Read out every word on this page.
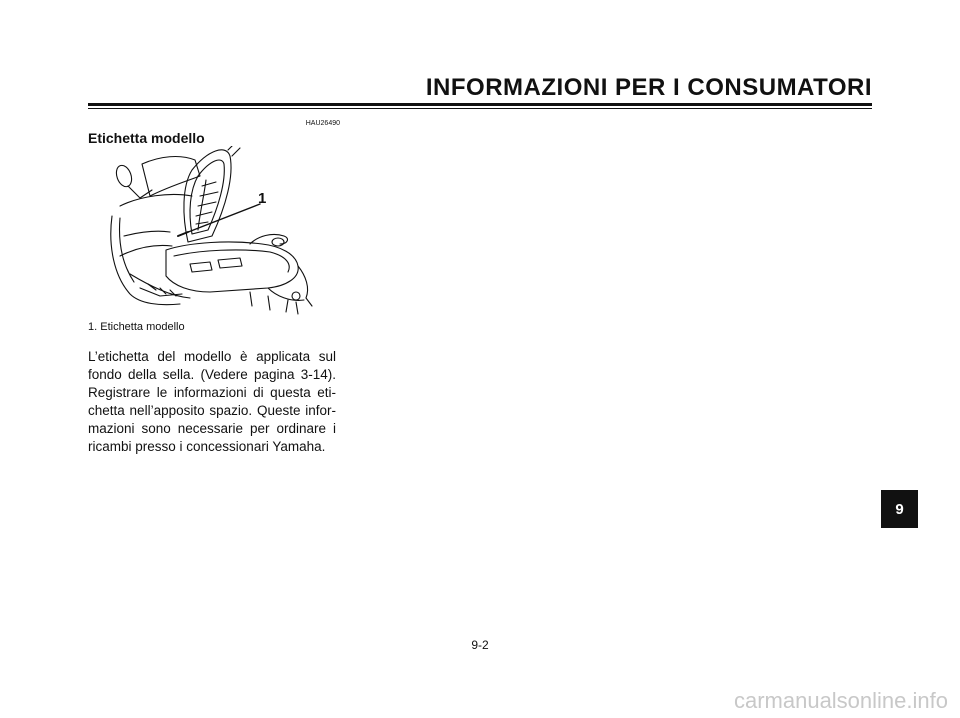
INFORMAZIONI PER I CONSUMATORI
HAU26490
Etichetta modello
1
1. Etichetta modello
L’etichetta del modello è applicata sul
fondo della sella. (Vedere pagina 3-14).
Registrare le informazioni di questa eti-
chetta nell’apposito spazio. Queste infor-
mazioni sono necessarie per ordinare i
ricambi presso i concessionari Yamaha.
9
9-2
carmanualsonline.info
